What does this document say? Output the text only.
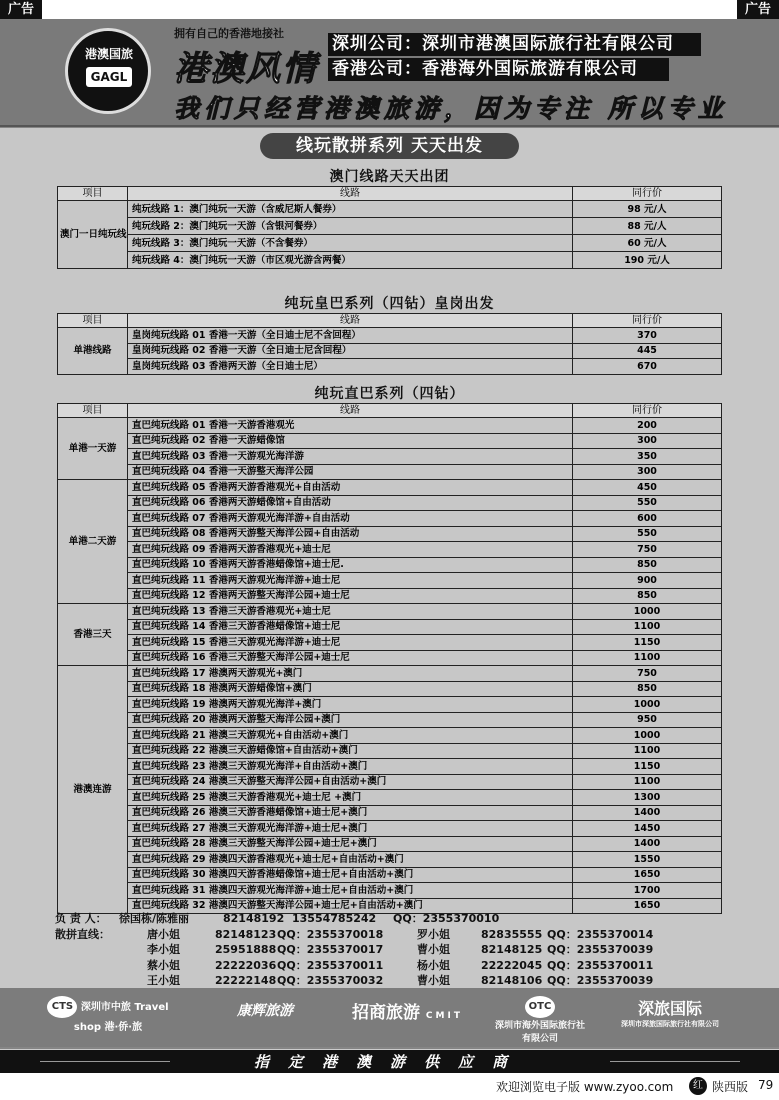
广告	广告
港澳国旅
GAGL
拥有自己的香港地接社
港澳风情
深圳公司：深圳市港澳国际旅行社有限公司
香港公司：香港海外国际旅游有限公司
我们只经营港澳旅游，因为专注 所以专业
线玩散拼系列 天天出发
澳门线路天天出团
项目	线路	同行价
澳门一日纯玩线	纯玩线路 1：澳门纯玩一天游（含威尼斯人餐券）	98 元/人
	纯玩线路 2：澳门纯玩一天游（含银河餐券）	88 元/人
	纯玩线路 3：澳门纯玩一天游（不含餐券）	60 元/人
	纯玩线路 4：澳门纯玩一天游（市区观光游含两餐）	190 元/人
纯玩皇巴系列（四钻）皇岗出发
项目	线路	同行价
单港线路	皇岗纯玩线路 01 香港一天游（全日迪士尼不含回程）	370
	皇岗纯玩线路 02 香港一天游（全日迪士尼含回程）	445
	皇岗纯玩线路 03 香港两天游（全日迪士尼）	670
纯玩直巴系列（四钻）
项目	线路	同行价
单港一天游	直巴纯玩线路 01 香港一天游香港观光	200
	直巴纯玩线路 02 香港一天游蜡像馆	300
	直巴纯玩线路 03 香港一天游观光海洋游	350
	直巴纯玩线路 04 香港一天游整天海洋公园	300
单港二天游	直巴纯玩线路 05 香港两天游香港观光+自由活动	450
	直巴纯玩线路 06 香港两天游蜡像馆+自由活动	550
	直巴纯玩线路 07 香港两天游观光海洋游+自由活动	600
	直巴纯玩线路 08 香港两天游整天海洋公园+自由活动	550
	直巴纯玩线路 09 香港两天游香港观光+迪士尼	750
	直巴纯玩线路 10 香港两天游香港蜡像馆+迪士尼.	850
	直巴纯玩线路 11 香港两天游观光海洋游+迪士尼	900
	直巴纯玩线路 12 香港两天游整天海洋公园+迪士尼	850
香港三天	直巴纯玩线路 13 香港三天游香港观光+迪士尼	1000
	直巴纯玩线路 14 香港三天游香港蜡像馆+迪士尼	1100
	直巴纯玩线路 15 香港三天游观光海洋游+迪士尼	1150
	直巴纯玩线路 16 香港三天游整天海洋公园+迪士尼	1100
港澳连游	直巴纯玩线路 17 港澳两天游观光+澳门	750
	直巴纯玩线路 18 港澳两天游蜡像馆+澳门	850
	直巴纯玩线路 19 港澳两天游观光海洋+澳门	1000
	直巴纯玩线路 20 港澳两天游整天海洋公园+澳门	950
	直巴纯玩线路 21 港澳三天游观光+自由活动+澳门	1000
	直巴纯玩线路 22 港澳三天游蜡像馆+自由活动+澳门	1100
	直巴纯玩线路 23 港澳三天游观光海洋+自由活动+澳门	1150
	直巴纯玩线路 24 港澳三天游整天海洋公园+自由活动+澳门	1100
	直巴纯玩线路 25 港澳三天游香港观光+迪士尼 +澳门	1300
	直巴纯玩线路 26 港澳三天游香港蜡像馆+迪士尼+澳门	1400
	直巴纯玩线路 27 港澳三天游观光海洋游+迪士尼+澳门	1450
	直巴纯玩线路 28 港澳三天游整天海洋公园+迪士尼+澳门	1400
	直巴纯玩线路 29 港澳四天游香港观光+迪士尼+自由活动+澳门	1550
	直巴纯玩线路 30 港澳四天游香港蜡像馆+迪士尼+自由活动+澳门	1650
	直巴纯玩线路 31 港澳四天游观光海洋游+迪士尼+自由活动+澳门	1700
	直巴纯玩线路 32 港澳四天游整天海洋公园+迪士尼+自由活动+澳门	1650
负 责 人： 徐国栋/陈雅丽	82148192 13554785242 QQ：2355370010
散拼直线：	唐小姐	82148123 QQ：2355370018	罗小姐	82835555 QQ：2355370014
李小姐	25951888 QQ：2355370017	曹小姐	82148125 QQ：2355370039
蔡小姐	22222036 QQ：2355370011	杨小姐	22222045 QQ：2355370011
王小姐	22222148 QQ：2355370032	曹小姐	82148106 QQ：2355370039
CTS 深圳市中旅 Travel shop 港·侨·旅
康辉旅游	招商旅游 CMIT
OTC
深圳市海外国际旅行社有限公司
深旅国际
深圳市深旅国际旅行社有限公司
指定港澳游供应商
欢迎浏览电子版 www.zyoo.com	红 陕西版 79
